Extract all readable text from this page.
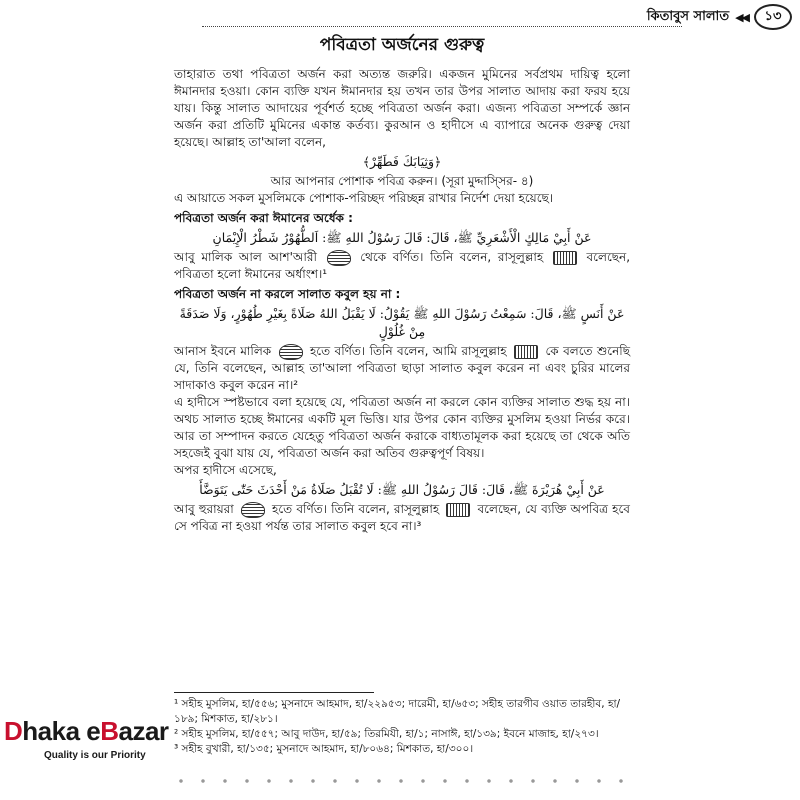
কিতাবুস সালাত ◀◀	১৩
পবিত্রতা অর্জনের গুরুত্ব

তাহারাত তথা পবিত্রতা অর্জন করা অত্যন্ত জরুরি। একজন মুমিনের সর্বপ্রথম দায়িত্ব হলো ঈমানদার হওয়া। কোন ব্যক্তি যখন ঈমানদার হয় তখন তার উপর সালাত আদায় করা ফরয হয়ে যায়। কিন্তু সালাত আদায়ের পূর্বশর্ত হচ্ছে পবিত্রতা অর্জন করা। এজন্য পবিত্রতা সম্পর্কে জ্ঞান অর্জন করা প্রতিটি মুমিনের একান্ত কর্তব্য। কুরআন ও হাদীসে এ ব্যাপারে অনেক গুরুত্ব দেয়া হয়েছে। আল্লাহ তা'আলা বলেন,

﴿وَثِيَابَكَ فَطَهِّرْ﴾
আর আপনার পোশাক পবিত্র করুন। (সূরা মুদ্দাস্সির- ৪)

এ আয়াতে সকল মুসলিমকে পোশাক-পরিচ্ছদ পরিচ্ছন্ন রাখার নির্দেশ দেয়া হয়েছে।

পবিত্রতা অর্জন করা ঈমানের অর্ধেক :
عَنْ أَبِيْ مَالِكٍ الْأَشْعَرِيِّ ﷺ، قَالَ: قَالَ رَسُوْلُ اللهِ ﷺ: اَلطُّهُوْرُ شَطْرُ الْإِيْمَانِ

আবু মালিক আল আশ'আরী	থেকে বর্ণিত। তিনি বলেন, রাসূলুল্লাহ	বলেছেন, পবিত্রতা হলো ঈমানের অর্ধাংশ।¹

পবিত্রতা অর্জন না করলে সালাত কবুল হয় না :
عَنْ أَنَسٍ ﷺ، قَالَ: سَمِعْتُ رَسُوْلَ اللهِ ﷺ يَقُوْلُ: لَا يَقْبَلُ اللهُ صَلَاةً بِغَيْرِ طُهُوْرٍ، وَلَا صَدَقَةً مِنْ غُلُوْلٍ

আনাস ইবনে মালিক	হতে বর্ণিত। তিনি বলেন, আমি রাসূলুল্লাহ	কে বলতে শুনেছি যে, তিনি বলেছেন, আল্লাহ তা'আলা পবিত্রতা ছাড়া সালাত কবুল করেন না এবং চুরির মালের সাদাকাও কবুল করেন না।²

এ হাদীসে স্পষ্টভাবে বলা হয়েছে যে, পবিত্রতা অর্জন না করলে কোন ব্যক্তির সালাত শুদ্ধ হয় না। অথচ সালাত হচ্ছে ঈমানের একটি মূল ভিত্তি। যার উপর কোন ব্যক্তির মুসলিম হওয়া নির্ভর করে। আর তা সম্পাদন করতে যেহেতু পবিত্রতা অর্জন করাকে বাধ্যতামূলক করা হয়েছে তা থেকে অতি সহজেই বুঝা যায় যে, পবিত্রতা অর্জন করা অতিব গুরুত্বপূর্ণ বিষয়।

অপর হাদীসে এসেছে,

عَنْ أَبِيْ هُرَيْرَةَ ﷺ، قَالَ: قَالَ رَسُوْلُ اللهِ ﷺ: لَا تُقْبَلُ صَلَاةُ مَنْ أَحْدَثَ حَتّٰى يَتَوَضَّأَ

আবু হুরায়রা	হতে বর্ণিত। তিনি বলেন, রাসূলুল্লাহ	বলেছেন, যে ব্যক্তি অপবিত্র হবে সে পবিত্র না হওয়া পর্যন্ত তার সালাত কবুল হবে না।³

¹ সহীহ মুসলিম, হা/৫৫৬; মুসনাদে আহমাদ, হা/২২৯৫৩; দারেমী, হা/৬৫৩; সহীহ তারগীব ওয়াত তারহীব, হা/১৮৯; মিশকাত, হা/২৮১।
² সহীহ মুসলিম, হা/৫৫৭; আবু দাউদ, হা/৫৯; তিরমিযী, হা/১; নাসাঈ, হা/১৩৯; ইবনে মাজাহ, হা/২৭৩।
³ সহীহ বুখারী, হা/১৩৫; মুসনাদে আহমাদ, হা/৮০৬৪; মিশকাত, হা/৩০০।
Dhaka eBazar
Quality is our Priority
